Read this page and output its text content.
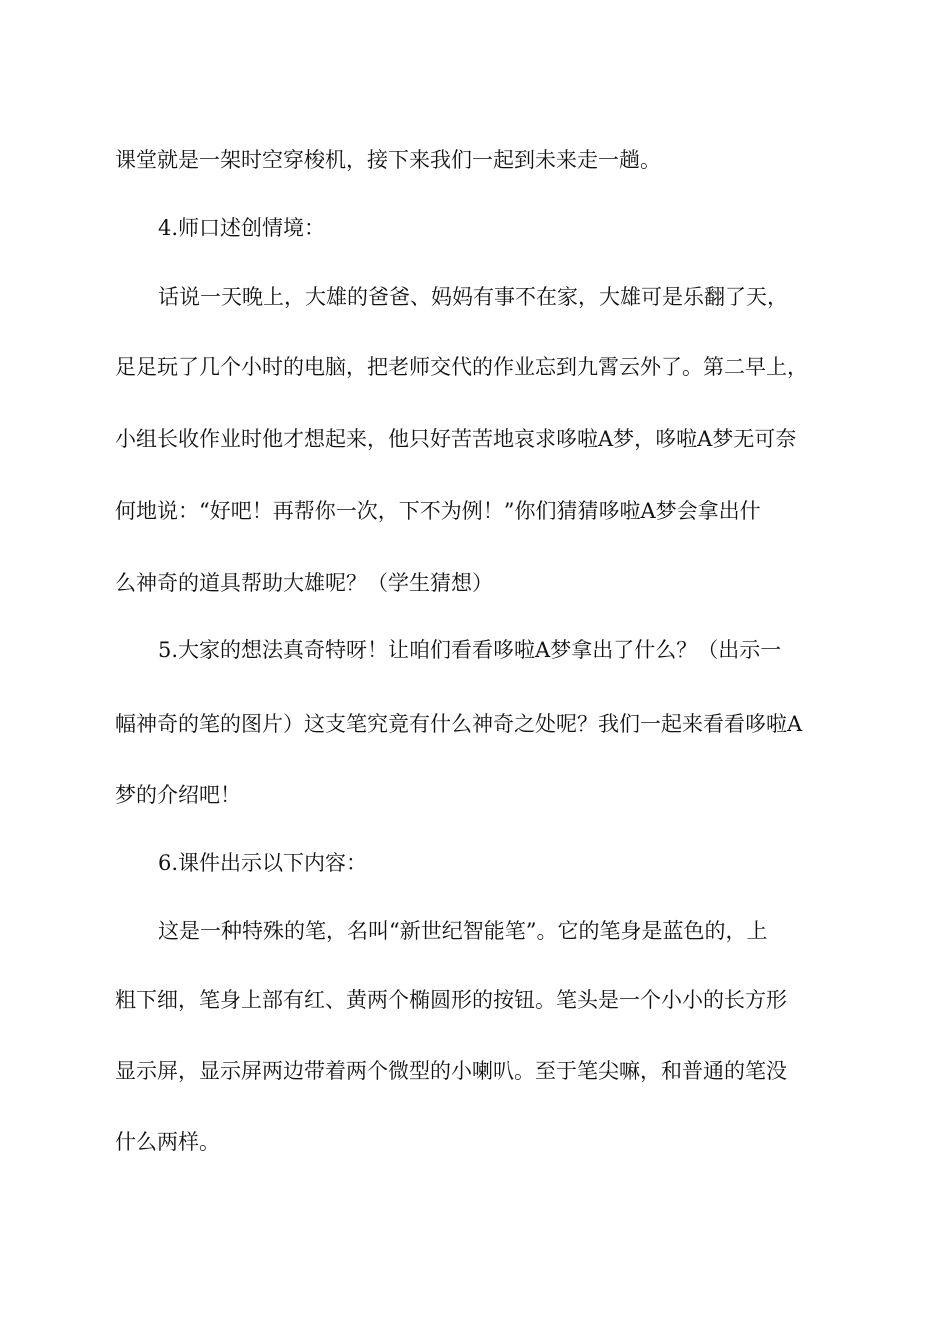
课堂就是一架时空穿梭机，接下来我们一起到未来走一趟。

4.师口述创情境：

话说一天晚上，大雄的爸爸、妈妈有事不在家，大雄可是乐翻了天，

足足玩了几个小时的电脑，把老师交代的作业忘到九霄云外了。第二早上，

小组长收作业时他才想起来，他只好苦苦地哀求哆啦A梦，哆啦A梦无可奈

何地说：“好吧！再帮你一次，下不为例！”你们猜猜哆啦A梦会拿出什

么神奇的道具帮助大雄呢？（学生猜想）

5.大家的想法真奇特呀！让咱们看看哆啦A梦拿出了什么？（出示一

幅神奇的笔的图片）这支笔究竟有什么神奇之处呢？我们一起来看看哆啦A

梦的介绍吧！

6.课件出示以下内容：

这是一种特殊的笔，名叫“新世纪智能笔”。它的笔身是蓝色的，上

粗下细，笔身上部有红、黄两个椭圆形的按钮。笔头是一个小小的长方形

显示屏，显示屏两边带着两个微型的小喇叭。至于笔尖嘛，和普通的笔没

什么两样。
